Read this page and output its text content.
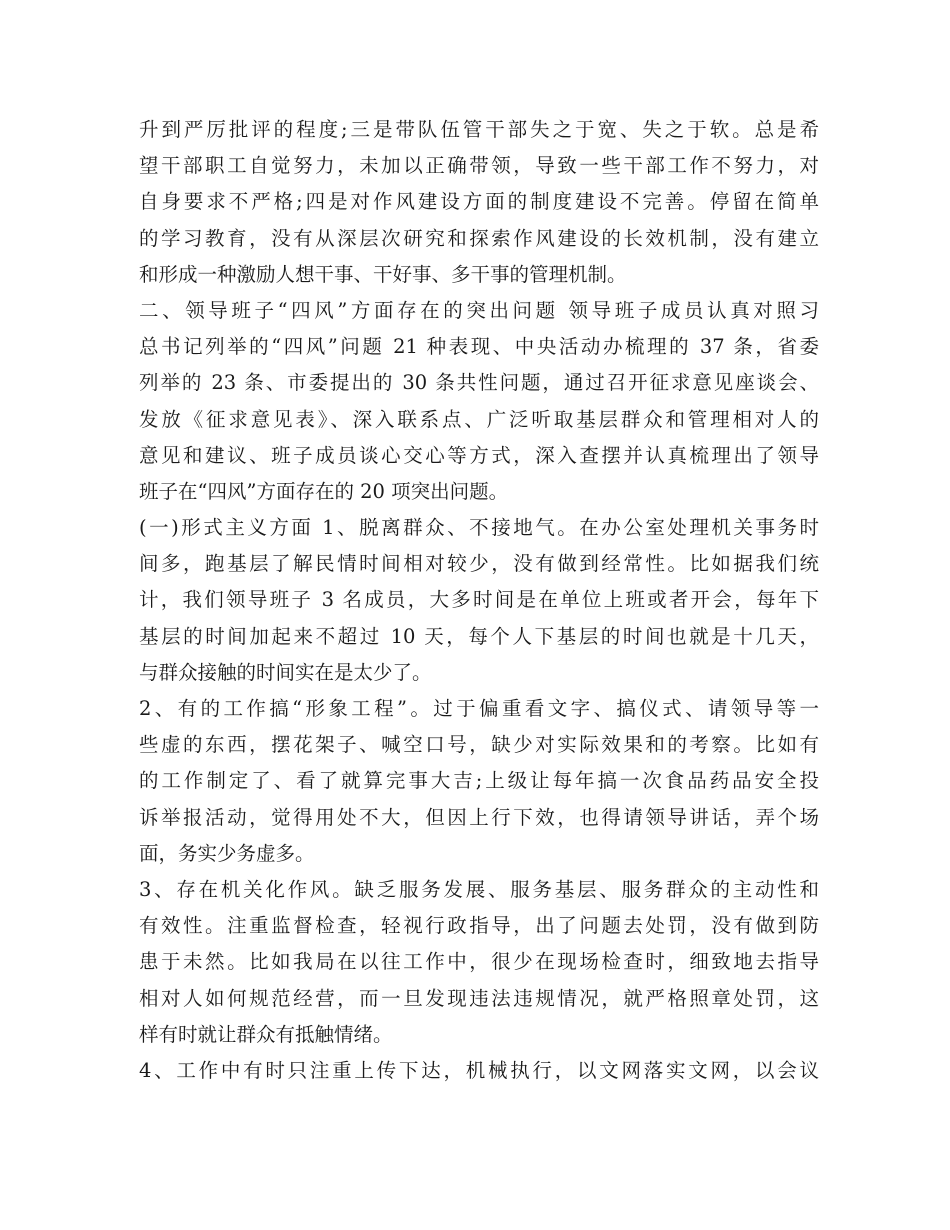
升到严厉批评的程度;三是带队伍管干部失之于宽、失之于软。总是希
望干部职工自觉努力，未加以正确带领，导致一些干部工作不努力，对
自身要求不严格;四是对作风建设方面的制度建设不完善。停留在简单
的学习教育，没有从深层次研究和探索作风建设的长效机制，没有建立
和形成一种激励人想干事、干好事、多干事的管理机制。
二、领导班子“四风”方面存在的突出问题 领导班子成员认真对照习
总书记列举的“四风”问题 21 种表现、中央活动办梳理的 37 条，省委
列举的 23 条、市委提出的 30 条共性问题，通过召开征求意见座谈会、
发放《征求意见表》、深入联系点、广泛听取基层群众和管理相对人的
意见和建议、班子成员谈心交心等方式，深入查摆并认真梳理出了领导
班子在“四风”方面存在的 20 项突出问题。
(一)形式主义方面 1、脱离群众、不接地气。在办公室处理机关事务时
间多，跑基层了解民情时间相对较少，没有做到经常性。比如据我们统
计，我们领导班子 3 名成员，大多时间是在单位上班或者开会，每年下
基层的时间加起来不超过 10 天，每个人下基层的时间也就是十几天，
与群众接触的时间实在是太少了。
2、有的工作搞“形象工程”。过于偏重看文字、搞仪式、请领导等一
些虚的东西，摆花架子、喊空口号，缺少对实际效果和的考察。比如有
的工作制定了、看了就算完事大吉;上级让每年搞一次食品药品安全投
诉举报活动，觉得用处不大，但因上行下效，也得请领导讲话，弄个场
面，务实少务虚多。
3、存在机关化作风。缺乏服务发展、服务基层、服务群众的主动性和
有效性。注重监督检查，轻视行政指导，出了问题去处罚，没有做到防
患于未然。比如我局在以往工作中，很少在现场检查时，细致地去指导
相对人如何规范经营，而一旦发现违法违规情况，就严格照章处罚，这
样有时就让群众有抵触情绪。
4、工作中有时只注重上传下达，机械执行，以文网落实文网，以会议
